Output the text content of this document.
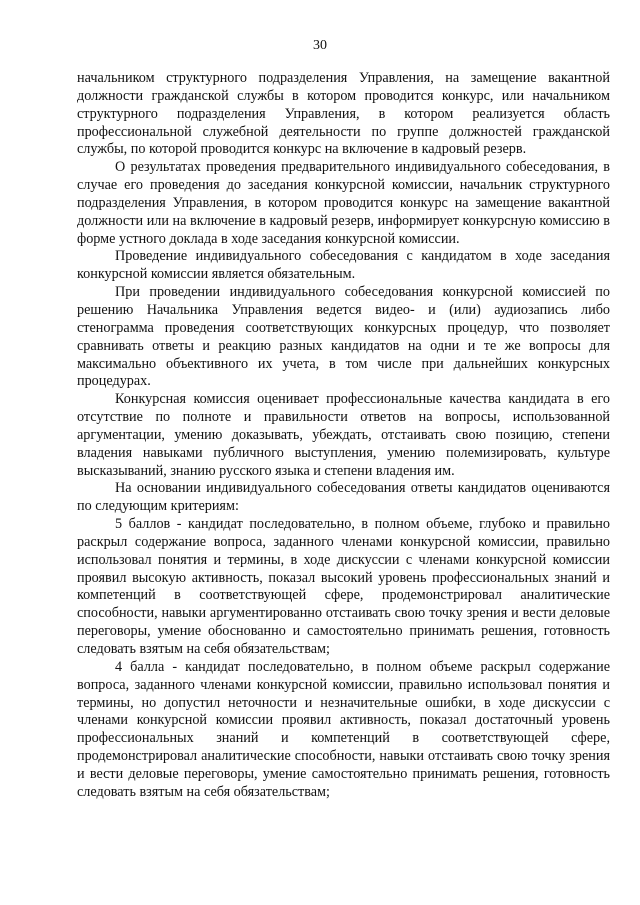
30

начальником структурного подразделения Управления, на замещение вакантной должности гражданской службы в котором проводится конкурс, или начальником структурного подразделения Управления, в котором реализуется область профессиональной служебной деятельности по группе должностей гражданской службы, по которой проводится конкурс на включение в кадровый резерв.

О результатах проведения предварительного индивидуального собеседования, в случае его проведения до заседания конкурсной комиссии, начальник структурного подразделения Управления, в котором проводится конкурс на замещение вакантной должности или на включение в кадровый резерв, информирует конкурсную комиссию в форме устного доклада в ходе заседания конкурсной комиссии.

Проведение индивидуального собеседования с кандидатом в ходе заседания конкурсной комиссии является обязательным.

При проведении индивидуального собеседования конкурсной комиссией по решению Начальника Управления ведется видео- и (или) аудиозапись либо стенограмма проведения соответствующих конкурсных процедур, что позволяет сравнивать ответы и реакцию разных кандидатов на одни и те же вопросы для максимально объективного их учета, в том числе при дальнейших конкурсных процедурах.

Конкурсная комиссия оценивает профессиональные качества кандидата в его отсутствие по полноте и правильности ответов на вопросы, использованной аргументации, умению доказывать, убеждать, отстаивать свою позицию, степени владения навыками публичного выступления, умению полемизировать, культуре высказываний, знанию русского языка и степени владения им.

На основании индивидуального собеседования ответы кандидатов оцениваются по следующим критериям:

5 баллов - кандидат последовательно, в полном объеме, глубоко и правильно раскрыл содержание вопроса, заданного членами конкурсной комиссии, правильно использовал понятия и термины, в ходе дискуссии с членами конкурсной комиссии проявил высокую активность, показал высокий уровень профессиональных знаний и компетенций в соответствующей сфере, продемонстрировал аналитические способности, навыки аргументированно отстаивать свою точку зрения и вести деловые переговоры, умение обоснованно и самостоятельно принимать решения, готовность следовать взятым на себя обязательствам;

4 балла - кандидат последовательно, в полном объеме раскрыл содержание вопроса, заданного членами конкурсной комиссии, правильно использовал понятия и термины, но допустил неточности и незначительные ошибки, в ходе дискуссии с членами конкурсной комиссии проявил активность, показал достаточный уровень профессиональных знаний и компетенций в соответствующей сфере, продемонстрировал аналитические способности, навыки отстаивать свою точку зрения и вести деловые переговоры, умение самостоятельно принимать решения, готовность следовать взятым на себя обязательствам;
